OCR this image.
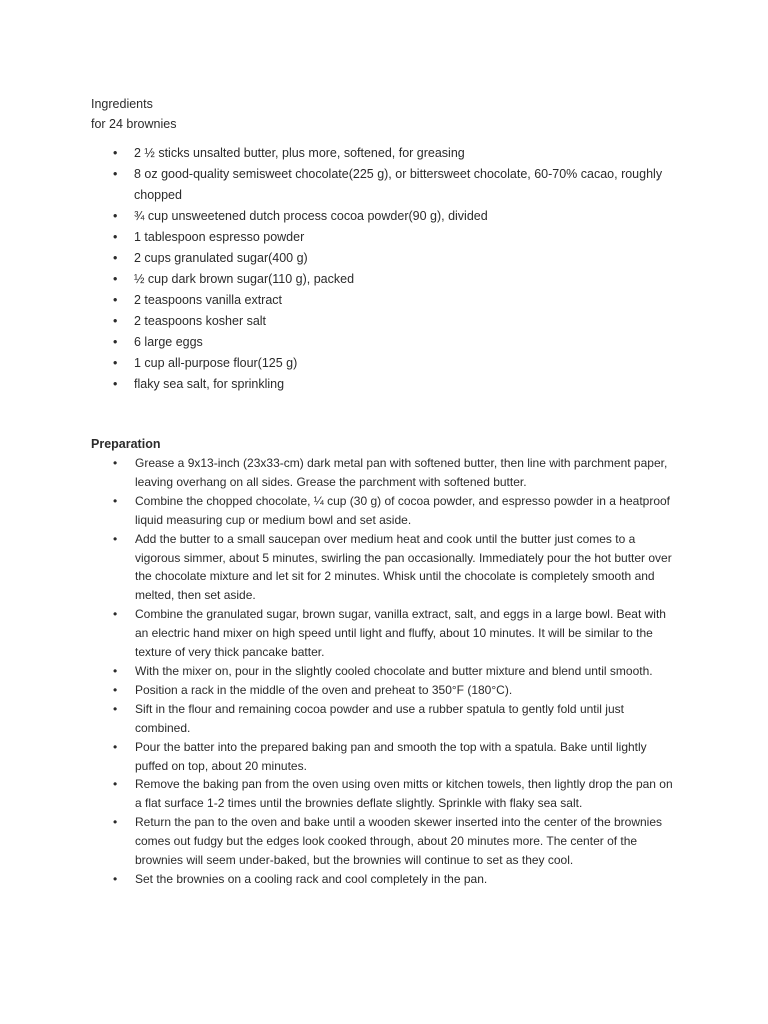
Ingredients
for 24 brownies
• 2 ½ sticks unsalted butter, plus more, softened, for greasing
• 8 oz good-quality semisweet chocolate(225 g), or bittersweet chocolate, 60-70% cacao, roughly chopped
• ¾ cup unsweetened dutch process cocoa powder(90 g), divided
• 1 tablespoon espresso powder
• 2 cups granulated sugar(400 g)
• ½ cup dark brown sugar(110 g), packed
• 2 teaspoons vanilla extract
• 2 teaspoons kosher salt
• 6 large eggs
• 1 cup all-purpose flour(125 g)
• flaky sea salt, for sprinkling
Preparation
• Grease a 9x13-inch (23x33-cm) dark metal pan with softened butter, then line with parchment paper, leaving overhang on all sides. Grease the parchment with softened butter.
• Combine the chopped chocolate, ¼ cup (30 g) of cocoa powder, and espresso powder in a heatproof liquid measuring cup or medium bowl and set aside.
• Add the butter to a small saucepan over medium heat and cook until the butter just comes to a vigorous simmer, about 5 minutes, swirling the pan occasionally. Immediately pour the hot butter over the chocolate mixture and let sit for 2 minutes. Whisk until the chocolate is completely smooth and melted, then set aside.
• Combine the granulated sugar, brown sugar, vanilla extract, salt, and eggs in a large bowl. Beat with an electric hand mixer on high speed until light and fluffy, about 10 minutes. It will be similar to the texture of very thick pancake batter.
• With the mixer on, pour in the slightly cooled chocolate and butter mixture and blend until smooth.
• Position a rack in the middle of the oven and preheat to 350°F (180°C).
• Sift in the flour and remaining cocoa powder and use a rubber spatula to gently fold until just combined.
• Pour the batter into the prepared baking pan and smooth the top with a spatula. Bake until lightly puffed on top, about 20 minutes.
• Remove the baking pan from the oven using oven mitts or kitchen towels, then lightly drop the pan on a flat surface 1-2 times until the brownies deflate slightly. Sprinkle with flaky sea salt.
• Return the pan to the oven and bake until a wooden skewer inserted into the center of the brownies comes out fudgy but the edges look cooked through, about 20 minutes more. The center of the brownies will seem under-baked, but the brownies will continue to set as they cool.
• Set the brownies on a cooling rack and cool completely in the pan.
